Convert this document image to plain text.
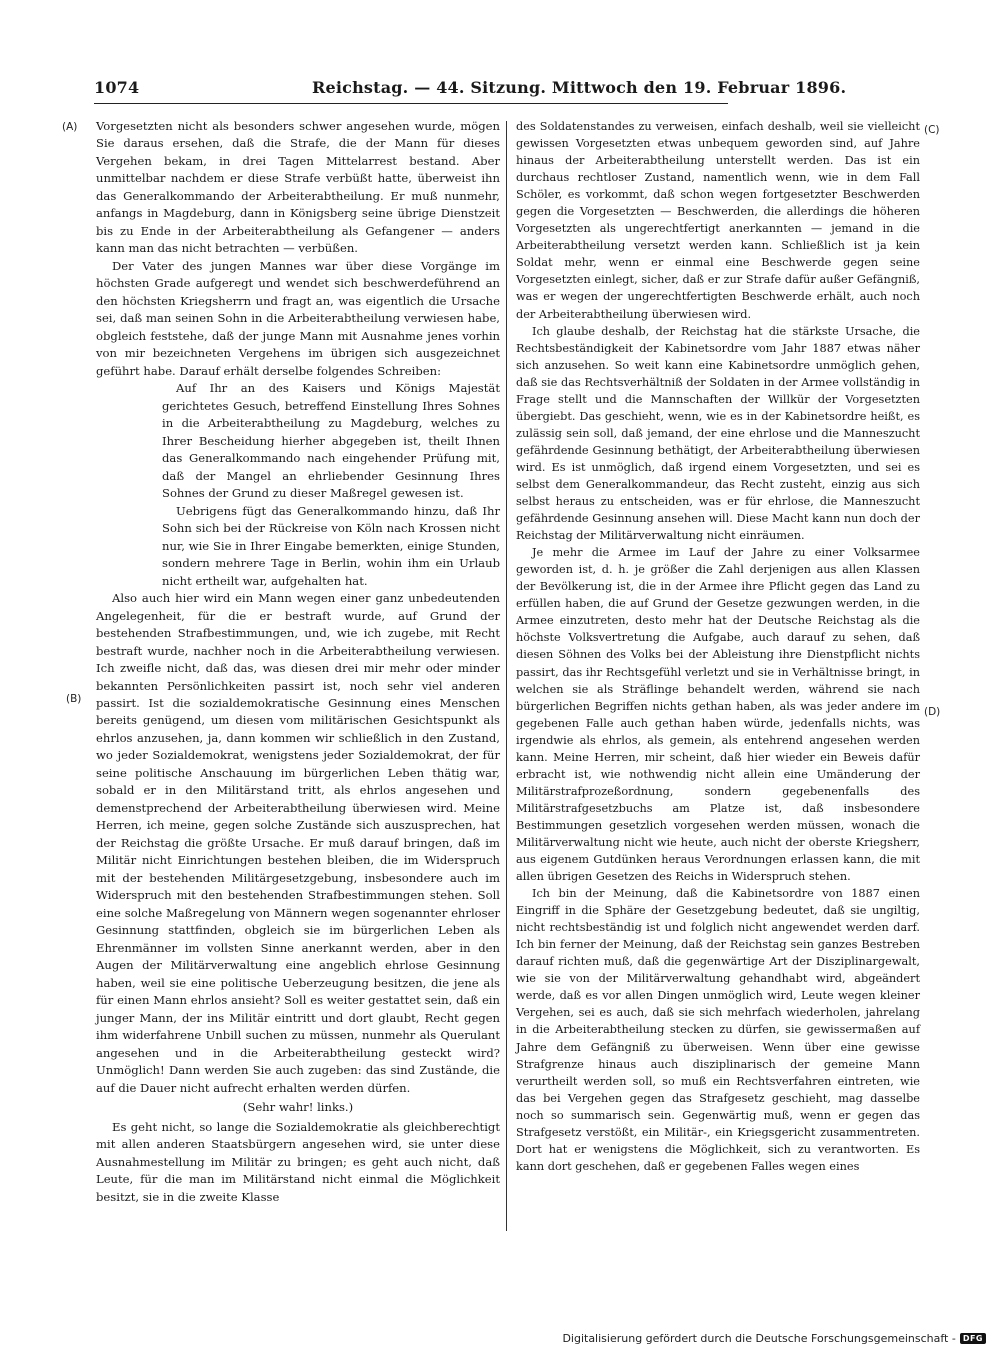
1074	Reichstag. — 44. Sitzung. Mittwoch den 19. Februar 1896.
(A)
(B)
(C)
(D)

Vorgesetzten nicht als besonders schwer angesehen wurde, mögen Sie daraus ersehen, daß die Strafe, die der Mann für dieses Vergehen bekam, in drei Tagen Mittelarrest bestand. Aber unmittelbar nachdem er diese Strafe verbüßt hatte, überweist ihn das Generalkommando der Arbeiterabtheilung. Er muß nunmehr, anfangs in Magdeburg, dann in Königsberg seine übrige Dienstzeit bis zu Ende in der Arbeiterabtheilung als Gefangener — anders kann man das nicht betrachten — verbüßen.

Der Vater des jungen Mannes war über diese Vorgänge im höchsten Grade aufgeregt und wendet sich beschwerdeführend an den höchsten Kriegsherrn und fragt an, was eigentlich die Ursache sei, daß man seinen Sohn in die Arbeiterabtheilung verwiesen habe, obgleich feststehe, daß der junge Mann mit Ausnahme jenes vorhin von mir bezeichneten Vergehens im übrigen sich ausgezeichnet geführt habe. Darauf erhält derselbe folgendes Schreiben:

Auf Ihr an des Kaisers und Königs Majestät gerichtetes Gesuch, betreffend Einstellung Ihres Sohnes in die Arbeiterabtheilung zu Magdeburg, welches zu Ihrer Bescheidung hierher abgegeben ist, theilt Ihnen das Generalkommando nach eingehender Prüfung mit, daß der Mangel an ehrliebender Gesinnung Ihres Sohnes der Grund zu dieser Maßregel gewesen ist.

Uebrigens fügt das Generalkommando hinzu, daß Ihr Sohn sich bei der Rückreise von Köln nach Krossen nicht nur, wie Sie in Ihrer Eingabe bemerkten, einige Stunden, sondern mehrere Tage in Berlin, wohin ihm ein Urlaub nicht ertheilt war, aufgehalten hat.

Also auch hier wird ein Mann wegen einer ganz unbedeutenden Angelegenheit, für die er bestraft wurde, auf Grund der bestehenden Strafbestimmungen, und, wie ich zugebe, mit Recht bestraft wurde, nachher noch in die Arbeiterabtheilung verwiesen. Ich zweifle nicht, daß das, was diesen drei mir mehr oder minder bekannten Persönlichkeiten passirt ist, noch sehr viel anderen passirt. Ist die sozialdemokratische Gesinnung eines Menschen bereits genügend, um diesen vom militärischen Gesichtspunkt als ehrlos anzusehen, ja, dann kommen wir schließlich in den Zustand, wo jeder Sozialdemokrat, wenigstens jeder Sozialdemokrat, der für seine politische Anschauung im bürgerlichen Leben thätig war, sobald er in den Militärstand tritt, als ehrlos angesehen und demenstprechend der Arbeiterabtheilung überwiesen wird. Meine Herren, ich meine, gegen solche Zustände sich auszusprechen, hat der Reichstag die größte Ursache. Er muß darauf bringen, daß im Militär nicht Einrichtungen bestehen bleiben, die im Widerspruch mit der bestehenden Militärgesetzgebung, insbesondere auch im Widerspruch mit den bestehenden Strafbestimmungen stehen. Soll eine solche Maßregelung von Männern wegen sogenannter ehrloser Gesinnung stattfinden, obgleich sie im bürgerlichen Leben als Ehrenmänner im vollsten Sinne anerkannt werden, aber in den Augen der Militärverwaltung eine angeblich ehrlose Gesinnung haben, weil sie eine politische Ueberzeugung besitzen, die jene als für einen Mann ehrlos ansieht? Soll es weiter gestattet sein, daß ein junger Mann, der ins Militär eintritt und dort glaubt, Recht gegen ihm widerfahrene Unbill suchen zu müssen, nunmehr als Querulant angesehen und in die Arbeiterabtheilung gesteckt wird? Unmöglich! Dann werden Sie auch zugeben: das sind Zustände, die auf die Dauer nicht aufrecht erhalten werden dürfen.

(Sehr wahr! links.)

Es geht nicht, so lange die Sozialdemokratie als gleichberechtigt mit allen anderen Staatsbürgern angesehen wird, sie unter diese Ausnahmestellung im Militär zu bringen; es geht auch nicht, daß Leute, für die man im Militärstand nicht einmal die Möglichkeit besitzt, sie in die zweite Klasse

des Soldatenstandes zu verweisen, einfach deshalb, weil sie vielleicht gewissen Vorgesetzten etwas unbequem geworden sind, auf Jahre hinaus der Arbeiterabtheilung unterstellt werden. Das ist ein durchaus rechtloser Zustand, namentlich wenn, wie in dem Fall Schöler, es vorkommt, daß schon wegen fortgesetzter Beschwerden gegen die Vorgesetzten — Beschwerden, die allerdings die höheren Vorgesetzten als ungerechtfertigt anerkannten — jemand in die Arbeiterabtheilung versetzt werden kann. Schließlich ist ja kein Soldat mehr, wenn er einmal eine Beschwerde gegen seine Vorgesetzten einlegt, sicher, daß er zur Strafe dafür außer Gefängniß, was er wegen der ungerechtfertigten Beschwerde erhält, auch noch der Arbeiterabtheilung überwiesen wird.

Ich glaube deshalb, der Reichstag hat die stärkste Ursache, die Rechtsbeständigkeit der Kabinetsordre vom Jahr 1887 etwas näher sich anzusehen. So weit kann eine Kabinetsordre unmöglich gehen, daß sie das Rechtsverhältniß der Soldaten in der Armee vollständig in Frage stellt und die Mannschaften der Willkür der Vorgesetzten übergiebt. Das geschieht, wenn, wie es in der Kabinetsordre heißt, es zulässig sein soll, daß jemand, der eine ehrlose und die Manneszucht gefährdende Gesinnung bethätigt, der Arbeiterabtheilung überwiesen wird. Es ist unmöglich, daß irgend einem Vorgesetzten, und sei es selbst dem Generalkommandeur, das Recht zusteht, einzig aus sich selbst heraus zu entscheiden, was er für ehrlose, die Manneszucht gefährdende Gesinnung ansehen will. Diese Macht kann nun doch der Reichstag der Militärverwaltung nicht einräumen.

Je mehr die Armee im Lauf der Jahre zu einer Volksarmee geworden ist, d. h. je größer die Zahl derjenigen aus allen Klassen der Bevölkerung ist, die in der Armee ihre Pflicht gegen das Land zu erfüllen haben, die auf Grund der Gesetze gezwungen werden, in die Armee einzutreten, desto mehr hat der Deutsche Reichstag als die höchste Volksvertretung die Aufgabe, auch darauf zu sehen, daß diesen Söhnen des Volks bei der Ableistung ihre Dienstpflicht nichts passirt, das ihr Rechtsgefühl verletzt und sie in Verhältnisse bringt, in welchen sie als Sträflinge behandelt werden, während sie nach bürgerlichen Begriffen nichts gethan haben, als was jeder andere im gegebenen Falle auch gethan haben würde, jedenfalls nichts, was irgendwie als ehrlos, als gemein, als entehrend angesehen werden kann. Meine Herren, mir scheint, daß hier wieder ein Beweis dafür erbracht ist, wie nothwendig nicht allein eine Umänderung der Militärstrafprozeßordnung, sondern gegebenenfalls des Militärstrafgesetzbuchs am Platze ist, daß insbesondere Bestimmungen gesetzlich vorgesehen werden müssen, wonach die Militärverwaltung nicht wie heute, auch nicht der oberste Kriegsherr, aus eigenem Gutdünken heraus Verordnungen erlassen kann, die mit allen übrigen Gesetzen des Reichs in Widerspruch stehen.

Ich bin der Meinung, daß die Kabinetsordre von 1887 einen Eingriff in die Sphäre der Gesetzgebung bedeutet, daß sie ungiltig, nicht rechtsbeständig ist und folglich nicht angewendet werden darf. Ich bin ferner der Meinung, daß der Reichstag sein ganzes Bestreben darauf richten muß, daß die gegenwärtige Art der Disziplinargewalt, wie sie von der Militärverwaltung gehandhabt wird, abgeändert werde, daß es vor allen Dingen unmöglich wird, Leute wegen kleiner Vergehen, sei es auch, daß sie sich mehrfach wiederholen, jahrelang in die Arbeiterabtheilung stecken zu dürfen, sie gewissermaßen auf Jahre dem Gefängniß zu überweisen. Wenn über eine gewisse Strafgrenze hinaus auch disziplinarisch der gemeine Mann verurtheilt werden soll, so muß ein Rechtsverfahren eintreten, wie das bei Vergehen gegen das Strafgesetz geschieht, mag dasselbe noch so summarisch sein. Gegenwärtig muß, wenn er gegen das Strafgesetz verstößt, ein Militär-, ein Kriegsgericht zusammentreten. Dort hat er wenigstens die Möglichkeit, sich zu verantworten. Es kann dort geschehen, daß er gegebenen Falles wegen eines

Digitalisierung gefördert durch die Deutsche Forschungsgemeinschaft - DFG
